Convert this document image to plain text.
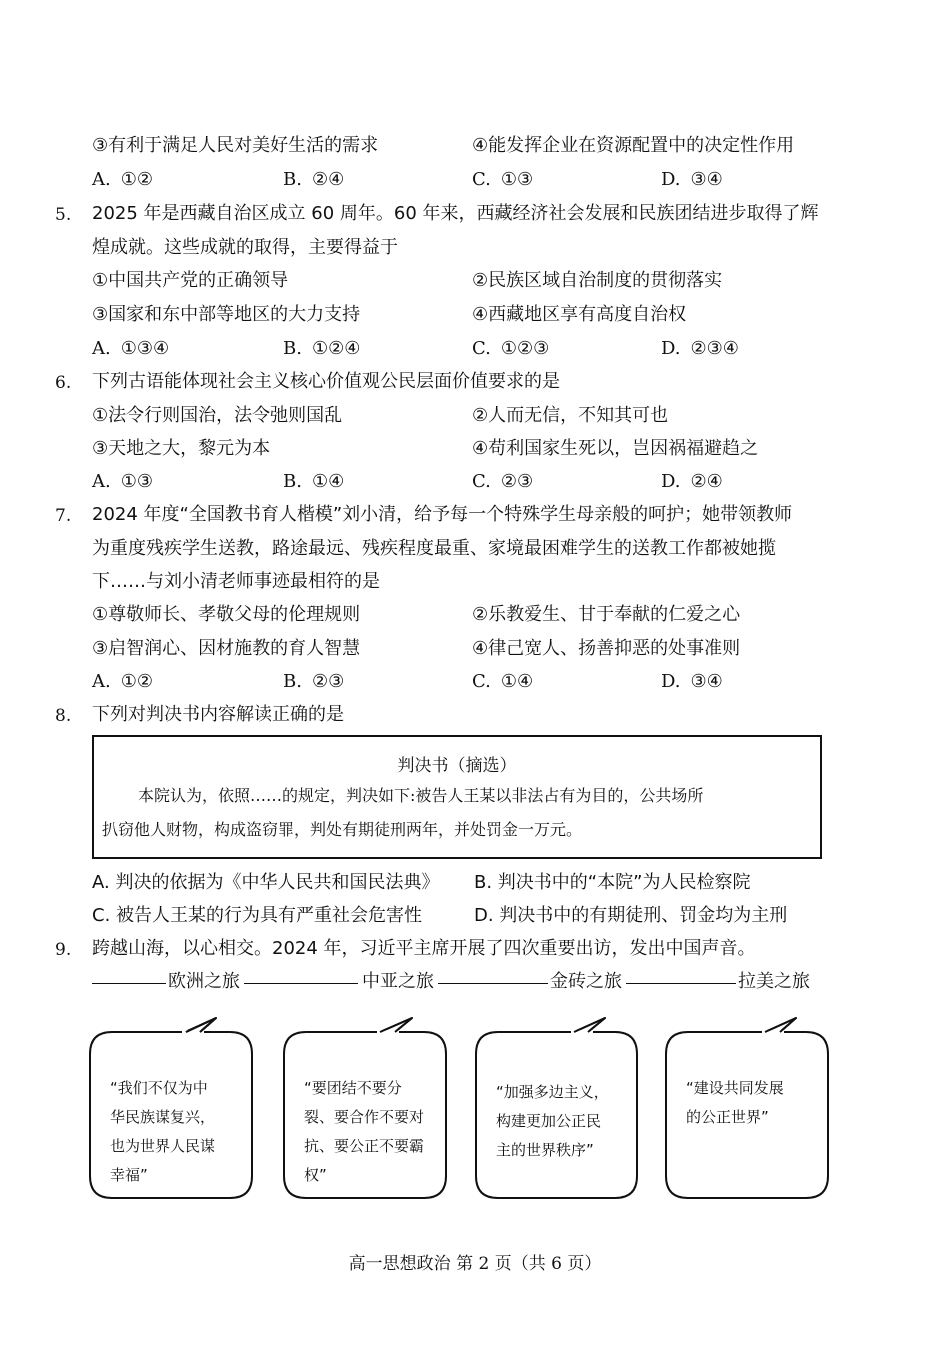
③有利于满足人民对美好生活的需求	④能发挥企业在资源配置中的决定性作用
A. ①②	B. ②④	C. ①③	D. ③④
5. 2025 年是西藏自治区成立 60 周年。60 年来，西藏经济社会发展和民族团结进步取得了辉
煌成就。这些成就的取得，主要得益于
①中国共产党的正确领导	②民族区域自治制度的贯彻落实
③国家和东中部等地区的大力支持	④西藏地区享有高度自治权
A. ①③④	B. ①②④	C. ①②③	D. ②③④
6. 下列古语能体现社会主义核心价值观公民层面价值要求的是
①法令行则国治，法令弛则国乱	②人而无信，不知其可也
③天地之大，黎元为本	④苟利国家生死以，岂因祸福避趋之
A. ①③	B. ①④	C. ②③	D. ②④
7. 2024 年度“全国教书育人楷模”刘小清，给予每一个特殊学生母亲般的呵护；她带领教师
为重度残疾学生送教，路途最远、残疾程度最重、家境最困难学生的送教工作都被她揽
下……与刘小清老师事迹最相符的是
①尊敬师长、孝敬父母的伦理规则	②乐教爱生、甘于奉献的仁爱之心
③启智润心、因材施教的育人智慧	④律己宽人、扬善抑恶的处事准则
A. ①②	B. ②③	C. ①④	D. ③④
8. 下列对判决书内容解读正确的是
判决书（摘选）
本院认为，依照……的规定，判决如下:被告人王某以非法占有为目的，公共场所
扒窃他人财物，构成盗窃罪，判处有期徒刑两年，并处罚金一万元。
A. 判决的依据为《中华人民共和国民法典》 B. 判决书中的“本院”为人民检察院
C. 被告人王某的行为具有严重社会危害性	D. 判决书中的有期徒刑、罚金均为主刑
9. 跨越山海，以心相交。2024 年，习近平主席开展了四次重要出访，发出中国声音。
欧洲之旅	中亚之旅	金砖之旅	拉美之旅
“我们不仅为中
华民族谋复兴，
也为世界人民谋
幸福”
“要团结不要分
裂、要合作不要对
抗、要公正不要霸
权”
“加强多边主义，
构建更加公正民
主的世界秩序”
“建设共同发展
的公正世界”
高一思想政治 第 2 页（共 6 页）
